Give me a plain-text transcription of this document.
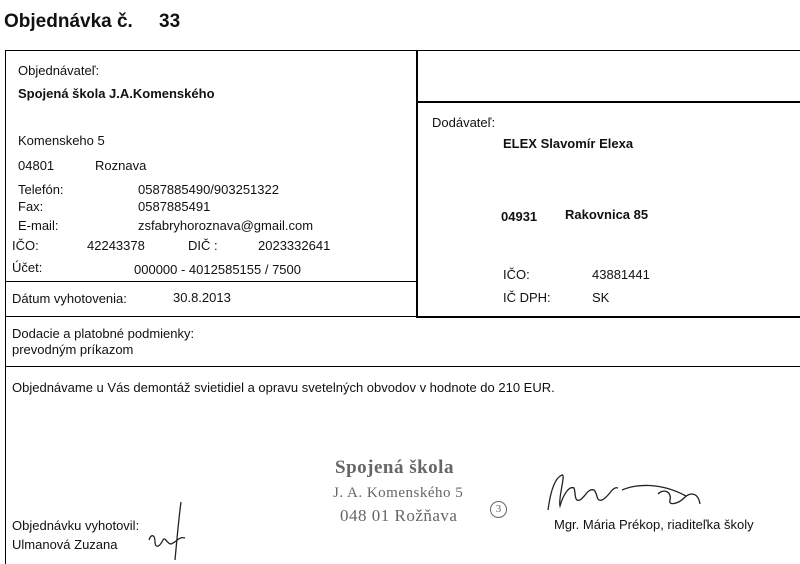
Objednávka č. 33
Objednávateľ:
Spojená škola J.A.Komenského
Komenskeho 5
04801	Roznava
Telefón:	0587885490/903251322
Fax:	0587885491
E-mail:	zsfabryhoroznava@gmail.com
IČO:	42243378	DIČ :	2023332641
Účet:	000000 - 4012585155 / 7500
Dátum vyhotovenia:	30.8.2013
Dodávateľ:
ELEX Slavomír Elexa
04931 Rakovnica 85
IČO:	43881441
IČ DPH:	SK
Dodacie a platobné podmienky:
prevodným príkazom
Objednávame u Vás demontáž svietidiel a opravu svetelných obvodov v hodnote do 210 EUR.
Spojená škola
J. A. Komenského 5
048 01 Rožňava	3
Mgr. Mária Prékop, riaditeľka školy
Objednávku vyhotovil:
Ulmanová Zuzana
